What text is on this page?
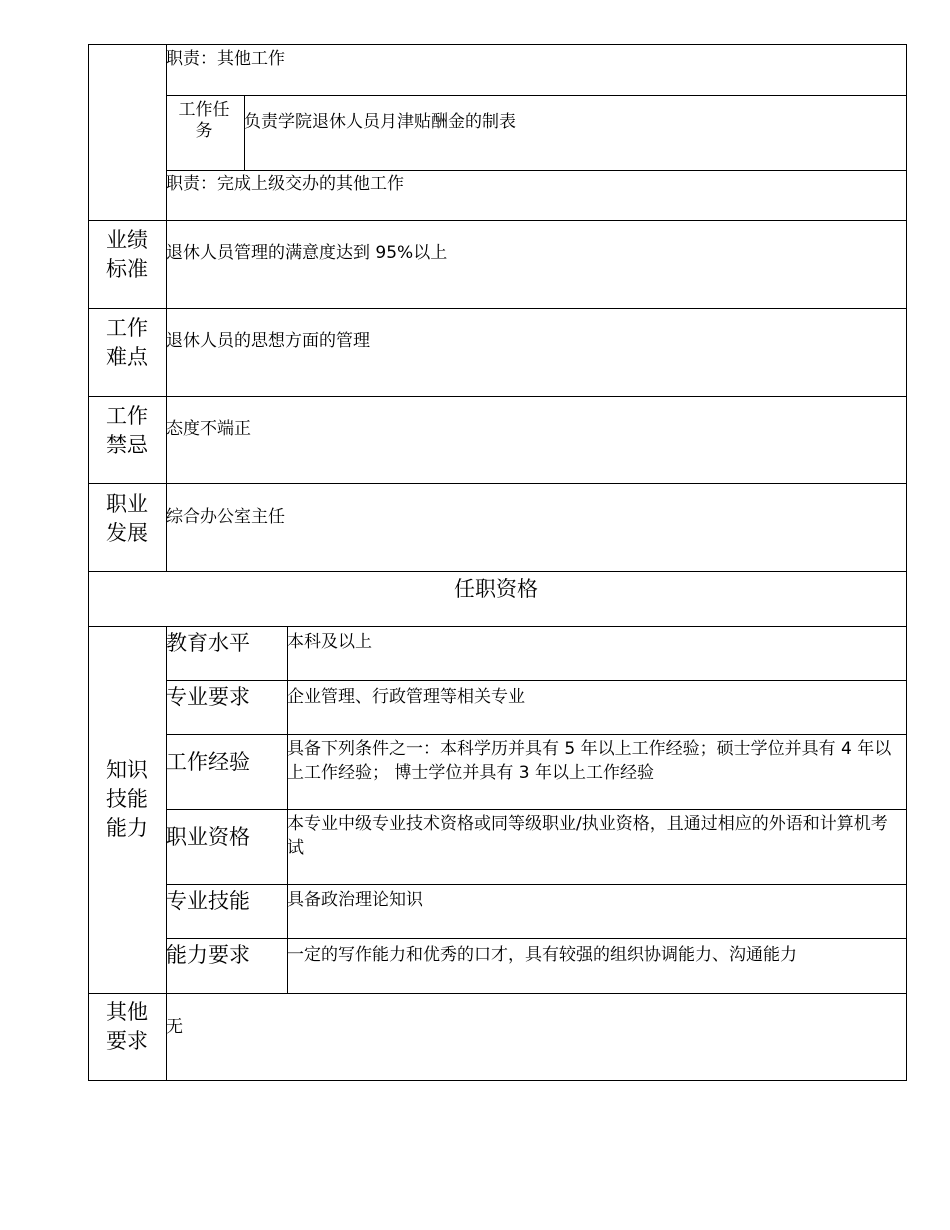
职责：其他工作
工作任
务	负责学院退休人员月津贴酬金的制表
职责：完成上级交办的其他工作
业绩
标准
退休人员管理的满意度达到 95%以上
工作
难点
退休人员的思想方面的管理
工作
禁忌
态度不端正
职业
发展
综合办公室主任
任职资格
知识
技能
能力
教育水平 本科及以上
专业要求 企业管理、行政管理等相关专业
工作经验
具备下列条件之一：本科学历并具有 5 年以上工作经验；硕士学位并具有 4 年以上工作经验； 博士学位并具有 3 年以上工作经验
职业资格
本专业中级专业技术资格或同等级职业/执业资格，且通过相应的外语和计算机考试
专业技能 具备政治理论知识
能力要求 一定的写作能力和优秀的口才，具有较强的组织协调能力、沟通能力
其他
要求
无
